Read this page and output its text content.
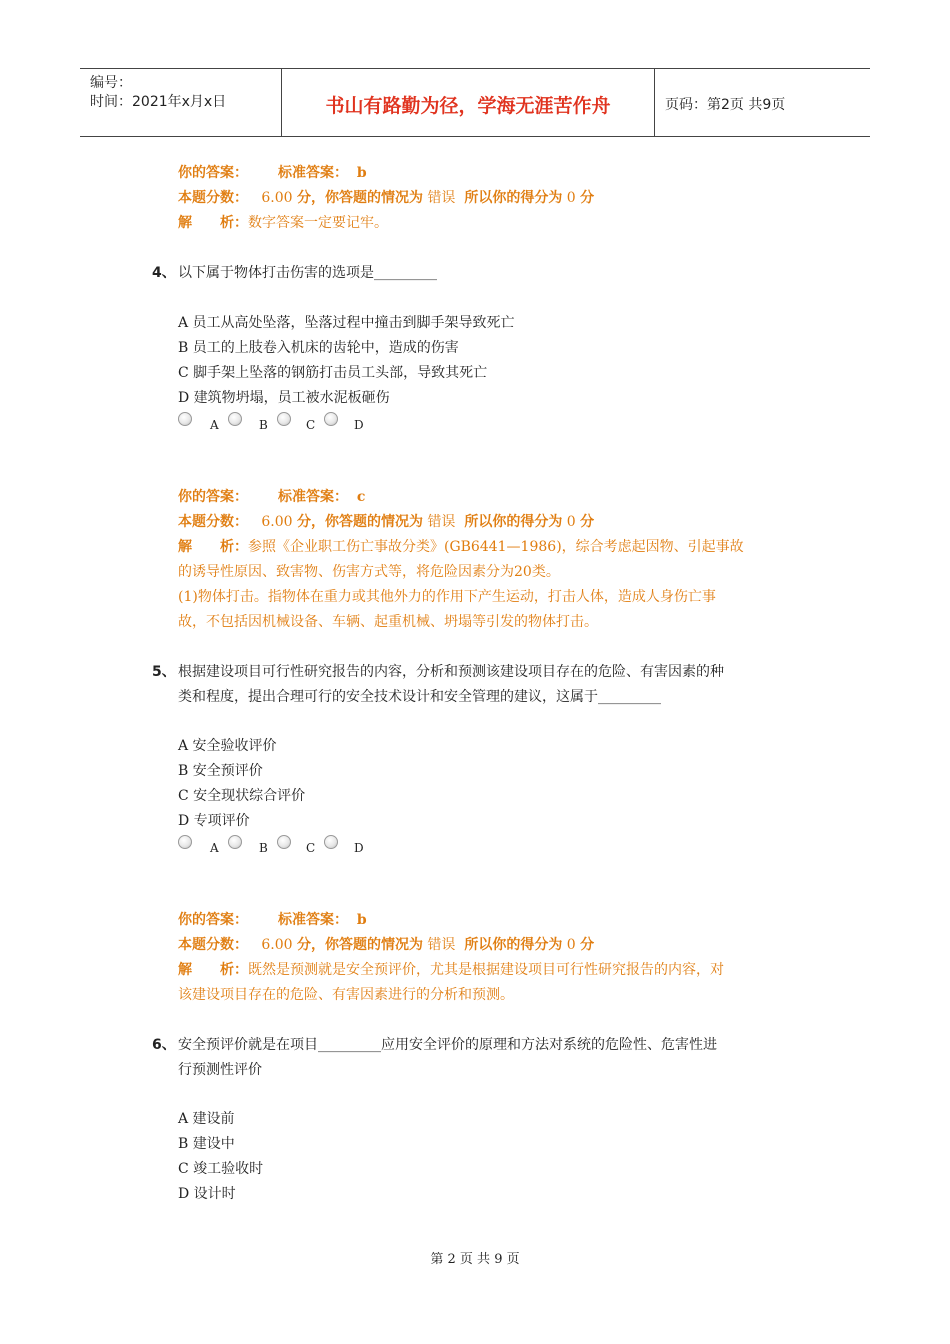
编号：
时间：2021年x月x日	书山有路勤为径，学海无涯苦作舟	页码：第2页 共9页
你的答案： 标准答案： b
本题分数： 6.00 分，你答题的情况为 错误 所以你的得分为 0 分
解　　析：数字答案一定要记牢。
4、 以下属于物体打击伤害的选项是_________
A 员工从高处坠落，坠落过程中撞击到脚手架导致死亡
B 员工的上肢卷入机床的齿轮中，造成的伤害
C 脚手架上坠落的钢筋打击员工头部，导致其死亡
D 建筑物坍塌，员工被水泥板砸伤
A	B	C	D
你的答案： 标准答案： c
本题分数： 6.00 分，你答题的情况为 错误 所以你的得分为 0 分
解　　析：参照《企业职工伤亡事故分类》(GB6441—1986)，综合考虑起因物、引起事故
的诱导性原因、致害物、伤害方式等，将危险因素分为20类。
(1)物体打击。指物体在重力或其他外力的作用下产生运动，打击人体，造成人身伤亡事
故，不包括因机械设备、车辆、起重机械、坍塌等引发的物体打击。
5、 根据建设项目可行性研究报告的内容，分析和预测该建设项目存在的危险、有害因素的种
类和程度，提出合理可行的安全技术设计和安全管理的建议，这属于_________
A 安全验收评价
B 安全预评价
C 安全现状综合评价
D 专项评价
A	B	C	D
你的答案： 标准答案： b
本题分数： 6.00 分，你答题的情况为 错误 所以你的得分为 0 分
解　　析：既然是预测就是安全预评价，尤其是根据建设项目可行性研究报告的内容，对
该建设项目存在的危险、有害因素进行的分析和预测。
6、 安全预评价就是在项目_________应用安全评价的原理和方法对系统的危险性、危害性进
行预测性评价
A 建设前
B 建设中
C 竣工验收时
D 设计时
第 2 页 共 9 页
